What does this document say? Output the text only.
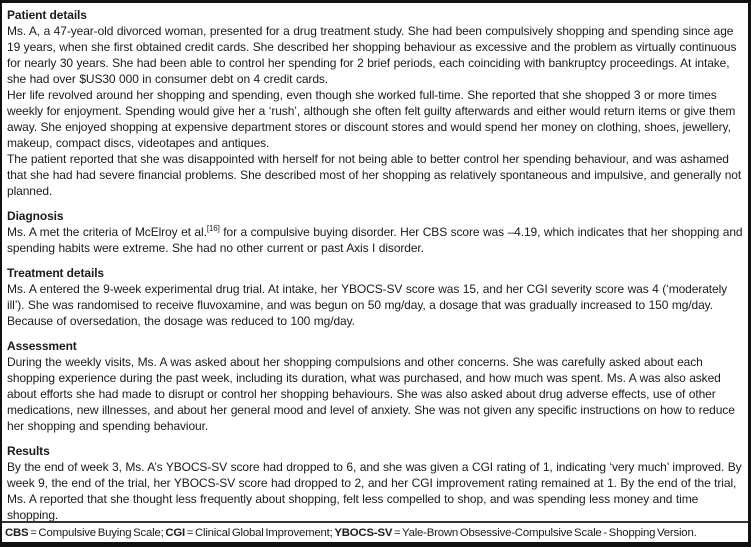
Patient details

Ms. A, a 47-year-old divorced woman, presented for a drug treatment study. She had been compulsively shopping and spending since age 19 years, when she first obtained credit cards. She described her shopping behaviour as excessive and the problem as virtually continuous for nearly 30 years. She had been able to control her spending for 2 brief periods, each coinciding with bankruptcy proceedings. At intake, she had over $US30 000 in consumer debt on 4 credit cards.

Her life revolved around her shopping and spending, even though she worked full-time. She reported that she shopped 3 or more times weekly for enjoyment. Spending would give her a ‘rush’, although she often felt guilty afterwards and either would return items or give them away. She enjoyed shopping at expensive department stores or discount stores and would spend her money on clothing, shoes, jewellery, makeup, compact discs, videotapes and antiques.

The patient reported that she was disappointed with herself for not being able to better control her spending behaviour, and was ashamed that she had had severe financial problems. She described most of her shopping as relatively spontaneous and impulsive, and generally not planned.

Diagnosis

Ms. A met the criteria of McElroy et al.[16] for a compulsive buying disorder. Her CBS score was –4.19, which indicates that her shopping and spending habits were extreme. She had no other current or past Axis I disorder.

Treatment details

Ms. A entered the 9-week experimental drug trial. At intake, her YBOCS-SV score was 15, and her CGI severity score was 4 (‘moderately ill’). She was randomised to receive fluvoxamine, and was begun on 50 mg/day, a dosage that was gradually increased to 150 mg/day. Because of oversedation, the dosage was reduced to 100 mg/day.

Assessment

During the weekly visits, Ms. A was asked about her shopping compulsions and other concerns. She was carefully asked about each shopping experience during the past week, including its duration, what was purchased, and how much was spent. Ms. A was also asked about efforts she had made to disrupt or control her shopping behaviours. She was also asked about drug adverse effects, use of other medications, new illnesses, and about her general mood and level of anxiety. She was not given any specific instructions on how to reduce her shopping and spending behaviour.

Results

By the end of week 3, Ms. A’s YBOCS-SV score had dropped to 6, and she was given a CGI rating of 1, indicating ‘very much’ improved. By week 9, the end of the trial, her YBOCS-SV score had dropped to 2, and her CGI improvement rating remained at 1. By the end of the trial, Ms. A reported that she thought less frequently about shopping, felt less compelled to shop, and was spending less money and time shopping.

CBS = Compulsive Buying Scale; CGI = Clinical Global Improvement; YBOCS-SV = Yale-Brown Obsessive-Compulsive Scale - Shopping Version.
